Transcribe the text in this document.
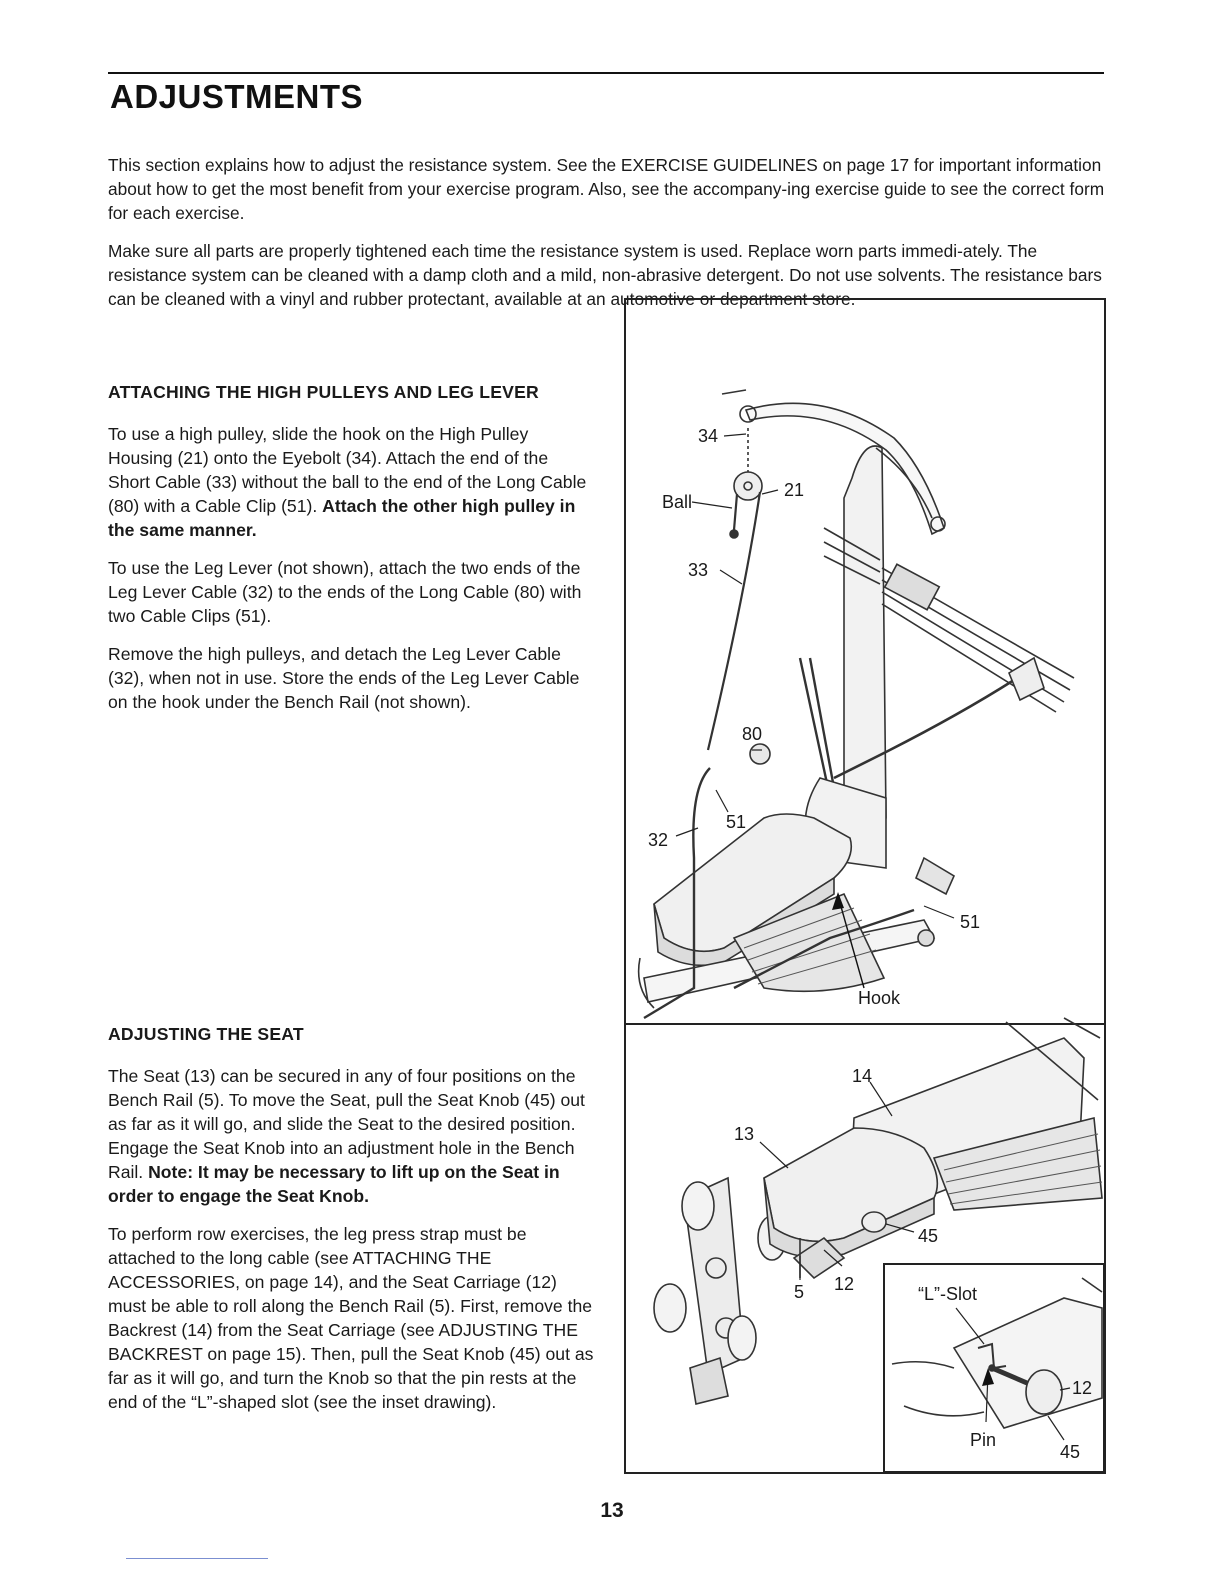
ADJUSTMENTS

This section explains how to adjust the resistance system. See the EXERCISE GUIDELINES on page 17 for important information about how to get the most benefit from your exercise program. Also, see the accompany-ing exercise guide to see the correct form for each exercise.

Make sure all parts are properly tightened each time the resistance system is used. Replace worn parts immedi-ately. The resistance system can be cleaned with a damp cloth and a mild, non-abrasive detergent. Do not use solvents. The resistance bars can be cleaned with a vinyl and rubber protectant, available at an automotive or department store.

ATTACHING THE HIGH PULLEYS AND LEG LEVER

To use a high pulley, slide the hook on the High Pulley Housing (21) onto the Eyebolt (34). Attach the end of the Short Cable (33) without the ball to the end of the Long Cable (80) with a Cable Clip (51). Attach the other high pulley in the same manner.

To use the Leg Lever (not shown), attach the two ends of the Leg Lever Cable (32) to the ends of the Long Cable (80) with two Cable Clips (51).

Remove the high pulleys, and detach the Leg Lever Cable (32), when not in use. Store the ends of the Leg Lever Cable on the hook under the Bench Rail (not shown).

ADJUSTING THE SEAT

The Seat (13) can be secured in any of four positions on the Bench Rail (5). To move the Seat, pull the Seat Knob (45) out as far as it will go, and slide the Seat to the desired position. Engage the Seat Knob into an adjustment hole in the Bench Rail. Note: It may be necessary to lift up on the Seat in order to engage the Seat Knob.

To perform row exercises, the leg press strap must be attached to the long cable (see ATTACHING THE ACCESSORIES, on page 14), and the Seat Carriage (12) must be able to roll along the Bench Rail (5). First, remove the Backrest (14) from the Seat Carriage (see ADJUSTING THE BACKREST on page 15). Then, pull the Seat Knob (45) out as far as it will go, and turn the Knob so that the pin rests at the end of the “L”-shaped slot (see the inset drawing).

34
Ball
21
33
80
51
32
51
Hook
14
13
45
5 12	“L”-Slot
12
Pin
45
13
